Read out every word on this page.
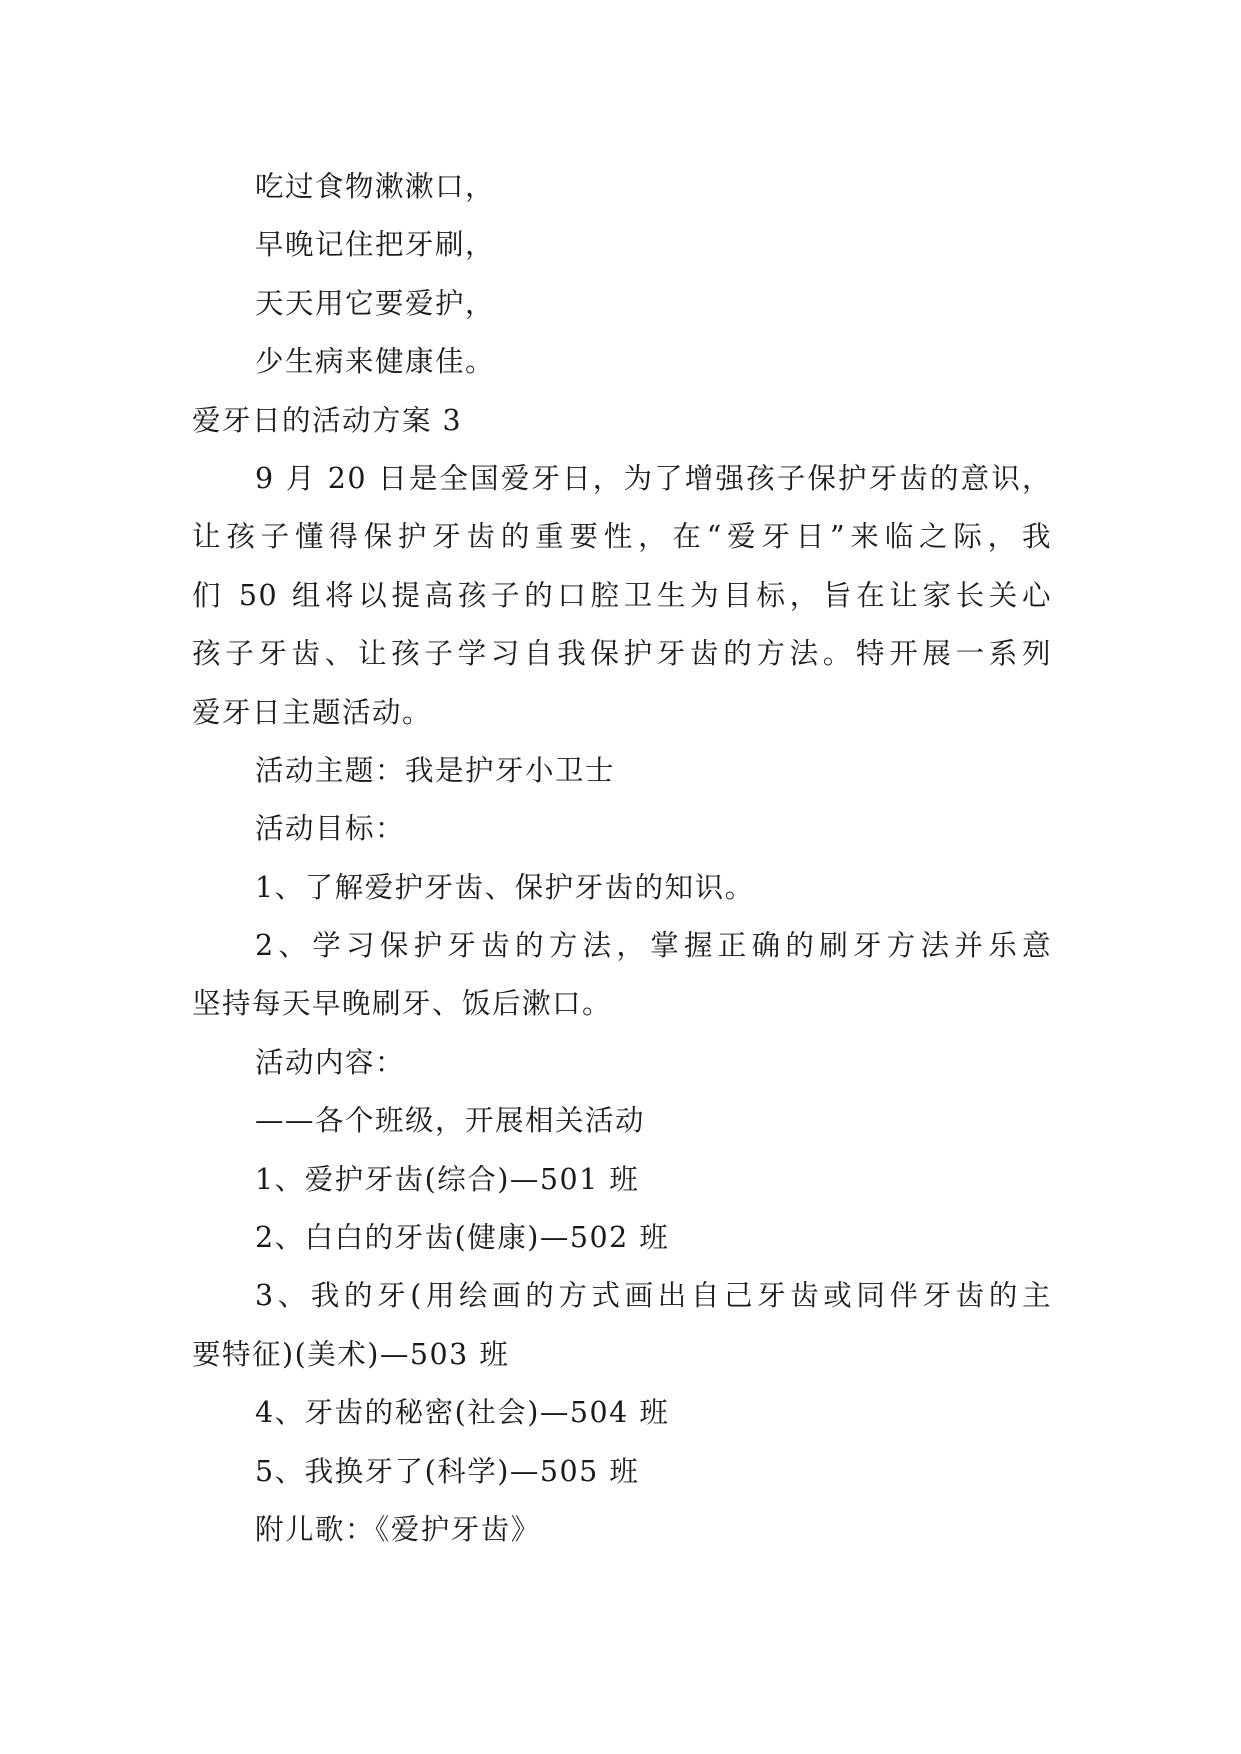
吃过食物漱漱口，
早晚记住把牙刷，
天天用它要爱护，
少生病来健康佳。
爱牙日的活动方案 3
9 月 20 日是全国爱牙日，为了增强孩子保护牙齿的意识，
让孩子懂得保护牙齿的重要性，在“爱牙日”来临之际，我
们 50 组将以提高孩子的口腔卫生为目标，旨在让家长关心
孩子牙齿、让孩子学习自我保护牙齿的方法。特开展一系列
爱牙日主题活动。
活动主题：我是护牙小卫士
活动目标：
1、了解爱护牙齿、保护牙齿的知识。
2、学习保护牙齿的方法，掌握正确的刷牙方法并乐意
坚持每天早晚刷牙、饭后漱口。
活动内容：
——各个班级，开展相关活动
1、爱护牙齿(综合)—501 班
2、白白的牙齿(健康)—502 班
3、我的牙(用绘画的方式画出自己牙齿或同伴牙齿的主
要特征)(美术)—503 班
4、牙齿的秘密(社会)—504 班
5、我换牙了(科学)—505 班
附儿歌：《爱护牙齿》
